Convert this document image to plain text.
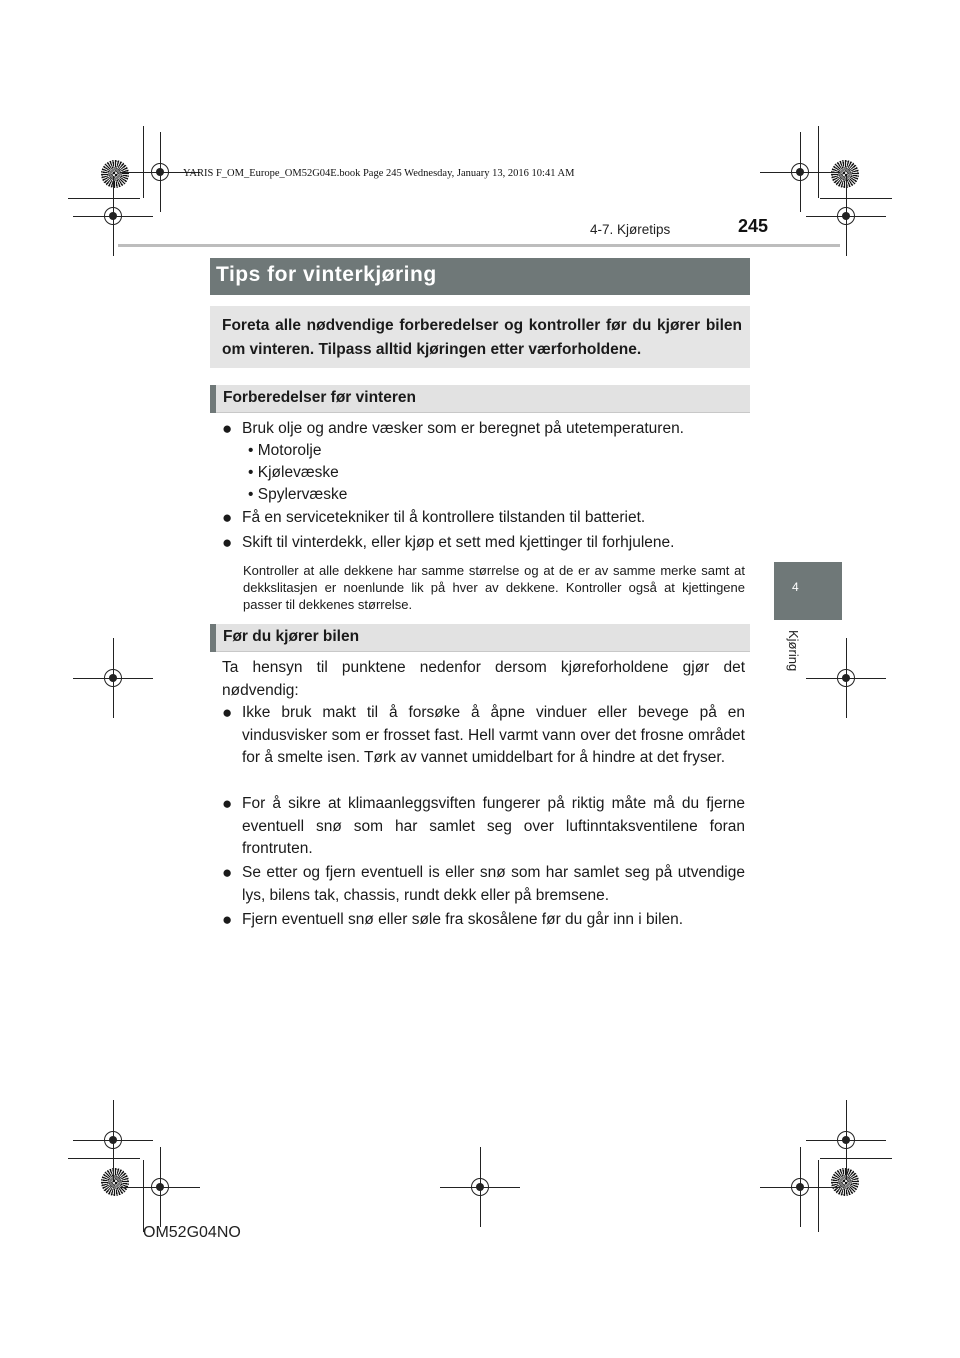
YARIS F_OM_Europe_OM52G04E.book Page 245 Wednesday, January 13, 2016 10:41 AM
4-7. Kjøretips	245
4
Kjøring
Tips for vinterkjøring
Foreta alle nødvendige forberedelser og kontroller før du kjører bilen om vinteren. Tilpass alltid kjøringen etter værforholdene.
Forberedelser før vinteren
● Bruk olje og andre væsker som er beregnet på utetemperaturen.
• Motorolje
• Kjølevæske
• Spylervæske
● Få en servicetekniker til å kontrollere tilstanden til batteriet.
● Skift til vinterdekk, eller kjøp et sett med kjettinger til forhjulene.
Kontroller at alle dekkene har samme størrelse og at de er av samme merke samt at dekkslitasjen er noenlunde lik på hver av dekkene. Kontroller også at kjettingene passer til dekkenes størrelse.
Før du kjører bilen
Ta hensyn til punktene nedenfor dersom kjøreforholdene gjør det nødvendig:
● Ikke bruk makt til å forsøke å åpne vinduer eller bevege på en vindusvisker som er frosset fast. Hell varmt vann over det frosne området for å smelte isen. Tørk av vannet umiddelbart for å hindre at det fryser.
● For å sikre at klimaanleggsviften fungerer på riktig måte må du fjerne eventuell snø som har samlet seg over luftinntaksventilene foran frontruten.
● Se etter og fjern eventuell is eller snø som har samlet seg på utvendige lys, bilens tak, chassis, rundt dekk eller på bremsene.
● Fjern eventuell snø eller søle fra skosålene før du går inn i bilen.
OM52G04NO
